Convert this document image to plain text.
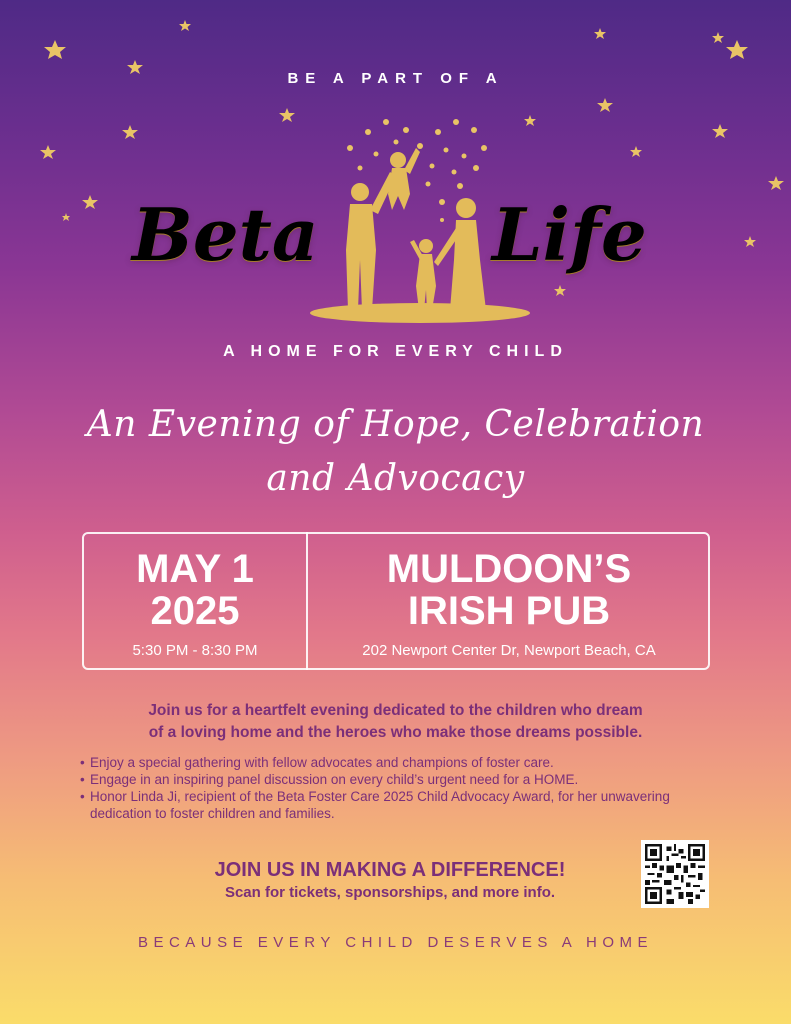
BE A PART OF A
Beta Life
A HOME FOR EVERY CHILD
An Evening of Hope, Celebration
and Advocacy
MAY 1
2025
5:30 PM - 8:30 PM
MULDOON’S
IRISH PUB
202 Newport Center Dr, Newport Beach, CA
Join us for a heartfelt evening dedicated to the children who dream
of a loving home and the heroes who make those dreams possible.
• Enjoy a special gathering with fellow advocates and champions of foster care.
• Engage in an inspiring panel discussion on every child’s urgent need for a HOME.
• Honor Linda Ji, recipient of the Beta Foster Care 2025 Child Advocacy Award, for her unwavering dedication to foster children and families.
JOIN US IN MAKING A DIFFERENCE!
Scan for tickets, sponsorships, and more info.
BECAUSE EVERY CHILD DESERVES A HOME
